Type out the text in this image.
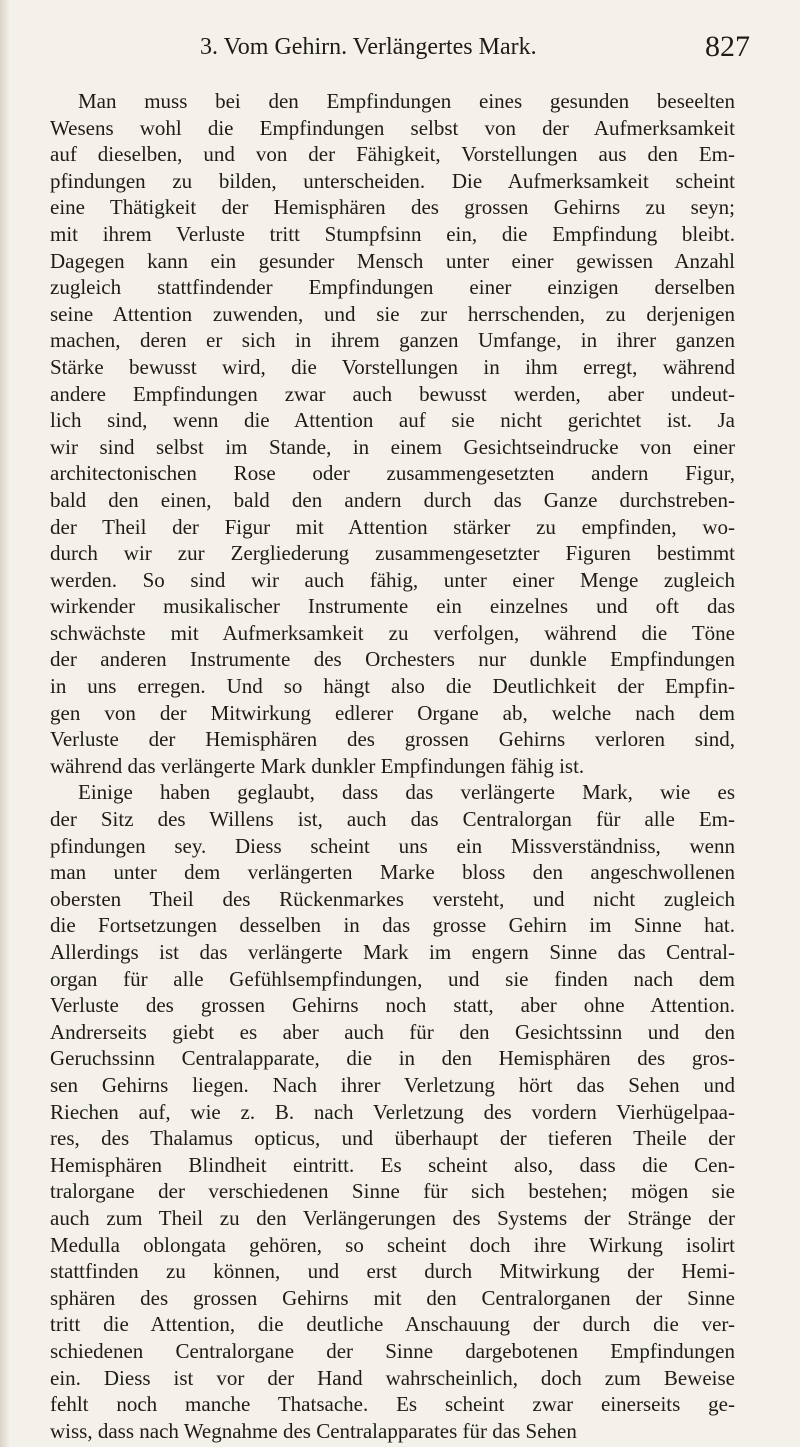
3. Vom Gehirn. Verlängertes Mark.	827
Man muss bei den Empfindungen eines gesunden beseelten
Wesens wohl die Empfindungen selbst von der Aufmerksamkeit
auf dieselben, und von der Fähigkeit, Vorstellungen aus den Em-
pfindungen zu bilden, unterscheiden. Die Aufmerksamkeit scheint
eine Thätigkeit der Hemisphären des grossen Gehirns zu seyn;
mit ihrem Verluste tritt Stumpfsinn ein, die Empfindung bleibt.
Dagegen kann ein gesunder Mensch unter einer gewissen Anzahl
zugleich stattfindender Empfindungen einer einzigen derselben
seine Attention zuwenden, und sie zur herrschenden, zu derjenigen
machen, deren er sich in ihrem ganzen Umfange, in ihrer ganzen
Stärke bewusst wird, die Vorstellungen in ihm erregt, während
andere Empfindungen zwar auch bewusst werden, aber undeut-
lich sind, wenn die Attention auf sie nicht gerichtet ist. Ja
wir sind selbst im Stande, in einem Gesichtseindrucke von einer
architectonischen Rose oder zusammengesetzten andern Figur,
bald den einen, bald den andern durch das Ganze durchstreben-
der Theil der Figur mit Attention stärker zu empfinden, wo-
durch wir zur Zergliederung zusammengesetzter Figuren bestimmt
werden. So sind wir auch fähig, unter einer Menge zugleich
wirkender musikalischer Instrumente ein einzelnes und oft das
schwächste mit Aufmerksamkeit zu verfolgen, während die Töne
der anderen Instrumente des Orchesters nur dunkle Empfindungen
in uns erregen. Und so hängt also die Deutlichkeit der Empfin-
gen von der Mitwirkung edlerer Organe ab, welche nach dem
Verluste der Hemisphären des grossen Gehirns verloren sind,
während das verlängerte Mark dunkler Empfindungen fähig ist.
Einige haben geglaubt, dass das verlängerte Mark, wie es
der Sitz des Willens ist, auch das Centralorgan für alle Em-
pfindungen sey. Diess scheint uns ein Missverständniss, wenn
man unter dem verlängerten Marke bloss den angeschwollenen
obersten Theil des Rückenmarkes versteht, und nicht zugleich
die Fortsetzungen desselben in das grosse Gehirn im Sinne hat.
Allerdings ist das verlängerte Mark im engern Sinne das Central-
organ für alle Gefühlsempfindungen, und sie finden nach dem
Verluste des grossen Gehirns noch statt, aber ohne Attention.
Andrerseits giebt es aber auch für den Gesichtssinn und den
Geruchssinn Centralapparate, die in den Hemisphären des gros-
sen Gehirns liegen. Nach ihrer Verletzung hört das Sehen und
Riechen auf, wie z. B. nach Verletzung des vordern Vierhügelpaa-
res, des Thalamus opticus, und überhaupt der tieferen Theile der
Hemisphären Blindheit eintritt. Es scheint also, dass die Cen-
tralorgane der verschiedenen Sinne für sich bestehen; mögen sie
auch zum Theil zu den Verlängerungen des Systems der Stränge der
Medulla oblongata gehören, so scheint doch ihre Wirkung isolirt
stattfinden zu können, und erst durch Mitwirkung der Hemi-
sphären des grossen Gehirns mit den Centralorganen der Sinne
tritt die Attention, die deutliche Anschauung der durch die ver-
schiedenen Centralorgane der Sinne dargebotenen Empfindungen
ein. Diess ist vor der Hand wahrscheinlich, doch zum Beweise
fehlt noch manche Thatsache. Es scheint zwar einerseits ge-
wiss, dass nach Wegnahme des Centralapparates für das Sehen
